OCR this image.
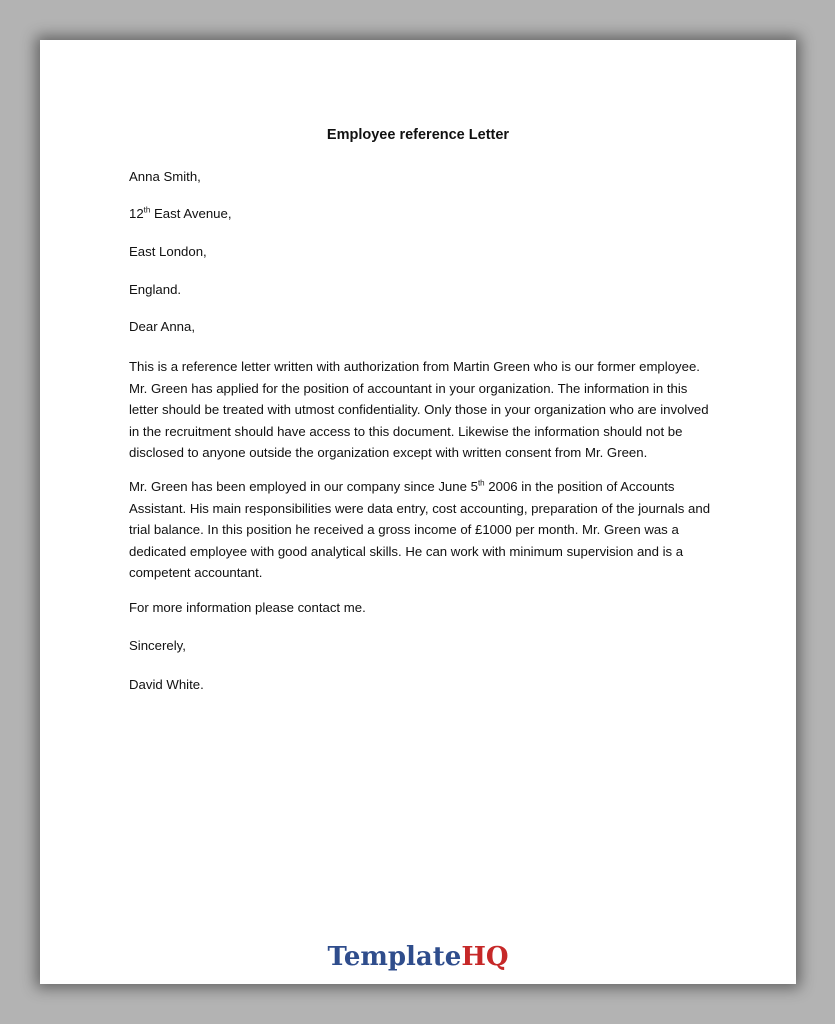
Employee reference Letter
Anna Smith,
12th East Avenue,
East London,
England.
Dear Anna,
This is a reference letter written with authorization from Martin Green who is our former employee.
Mr. Green has applied for the position of accountant in your organization. The information in this
letter should be treated with utmost confidentiality. Only those in your organization who are involved
in the recruitment should have access to this document. Likewise the information should not be
disclosed to anyone outside the organization except with written consent from Mr. Green.
Mr. Green has been employed in our company since June 5th 2006 in the position of Accounts
Assistant. His main responsibilities were data entry, cost accounting, preparation of the journals and
trial balance. In this position he received a gross income of £1000 per month. Mr. Green was a
dedicated employee with good analytical skills. He can work with minimum supervision and is a
competent accountant.
For more information please contact me.
Sincerely,
David White.
TemplateHQ
